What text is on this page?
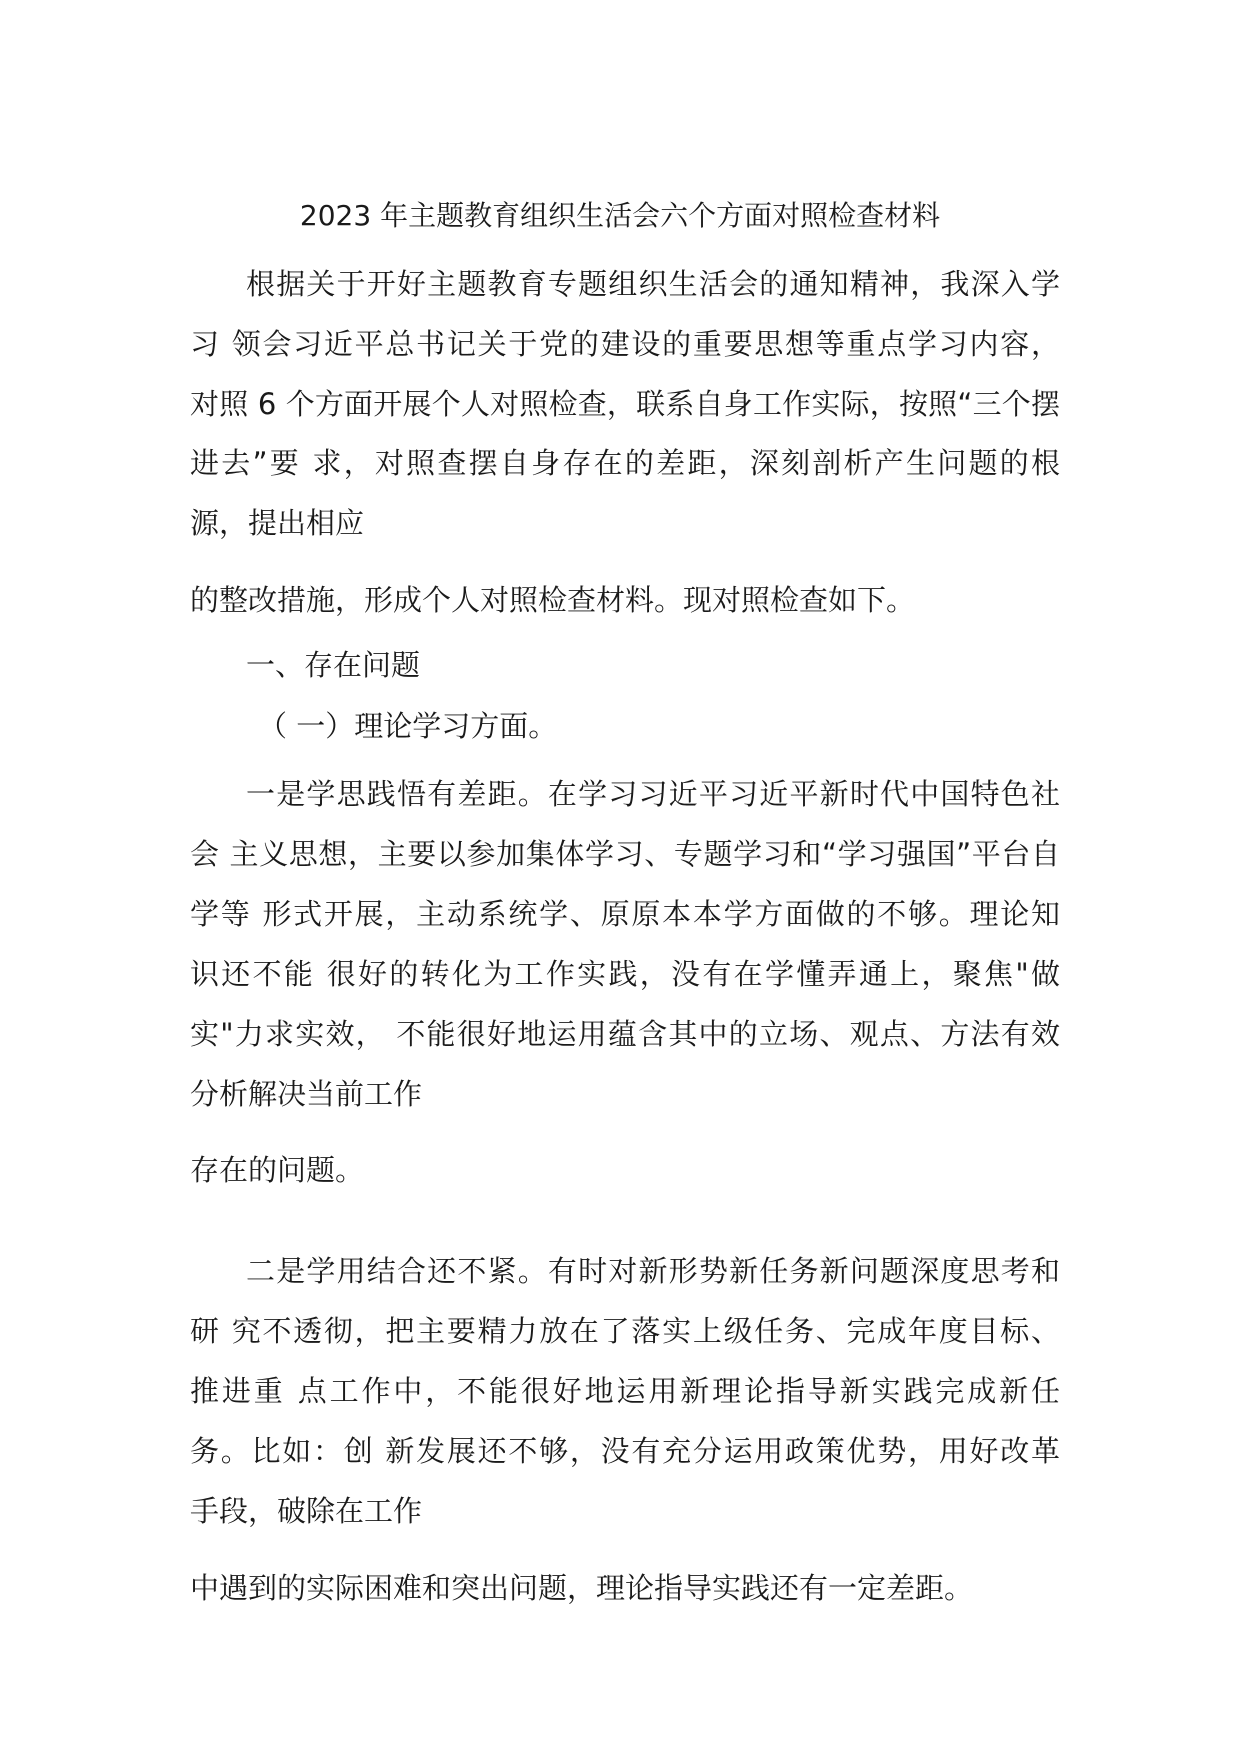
2023 年主题教育组织生活会六个方面对照检查材料
根据关于开好主题教育专题组织生活会的通知精神，我深入学
习 领会习近平总书记关于党的建设的重要思想等重点学习内容，
对照 6 个方面开展个人对照检查，联系自身工作实际，按照“三个摆
进去”要 求，对照查摆自身存在的差距，深刻剖析产生问题的根
源，提出相应
的整改措施，形成个人对照检查材料。现对照检查如下。
一、存在问题
（ 一）理论学习方面。
一是学思践悟有差距。在学习习近平习近平新时代中国特色社
会 主义思想，主要以参加集体学习、专题学习和“学习强国”平台自
学等 形式开展，主动系统学、原原本本学方面做的不够。理论知
识还不能 很好的转化为工作实践，没有在学懂弄通上，聚焦"做
实"力求实效， 不能很好地运用蕴含其中的立场、观点、方法有效
分析解决当前工作
存在的问题。
二是学用结合还不紧。有时对新形势新任务新问题深度思考和
研 究不透彻，把主要精力放在了落实上级任务、完成年度目标、
推进重 点工作中，不能很好地运用新理论指导新实践完成新任
务。比如：创 新发展还不够，没有充分运用政策优势，用好改革
手段，破除在工作
中遇到的实际困难和突出问题，理论指导实践还有一定差距。
